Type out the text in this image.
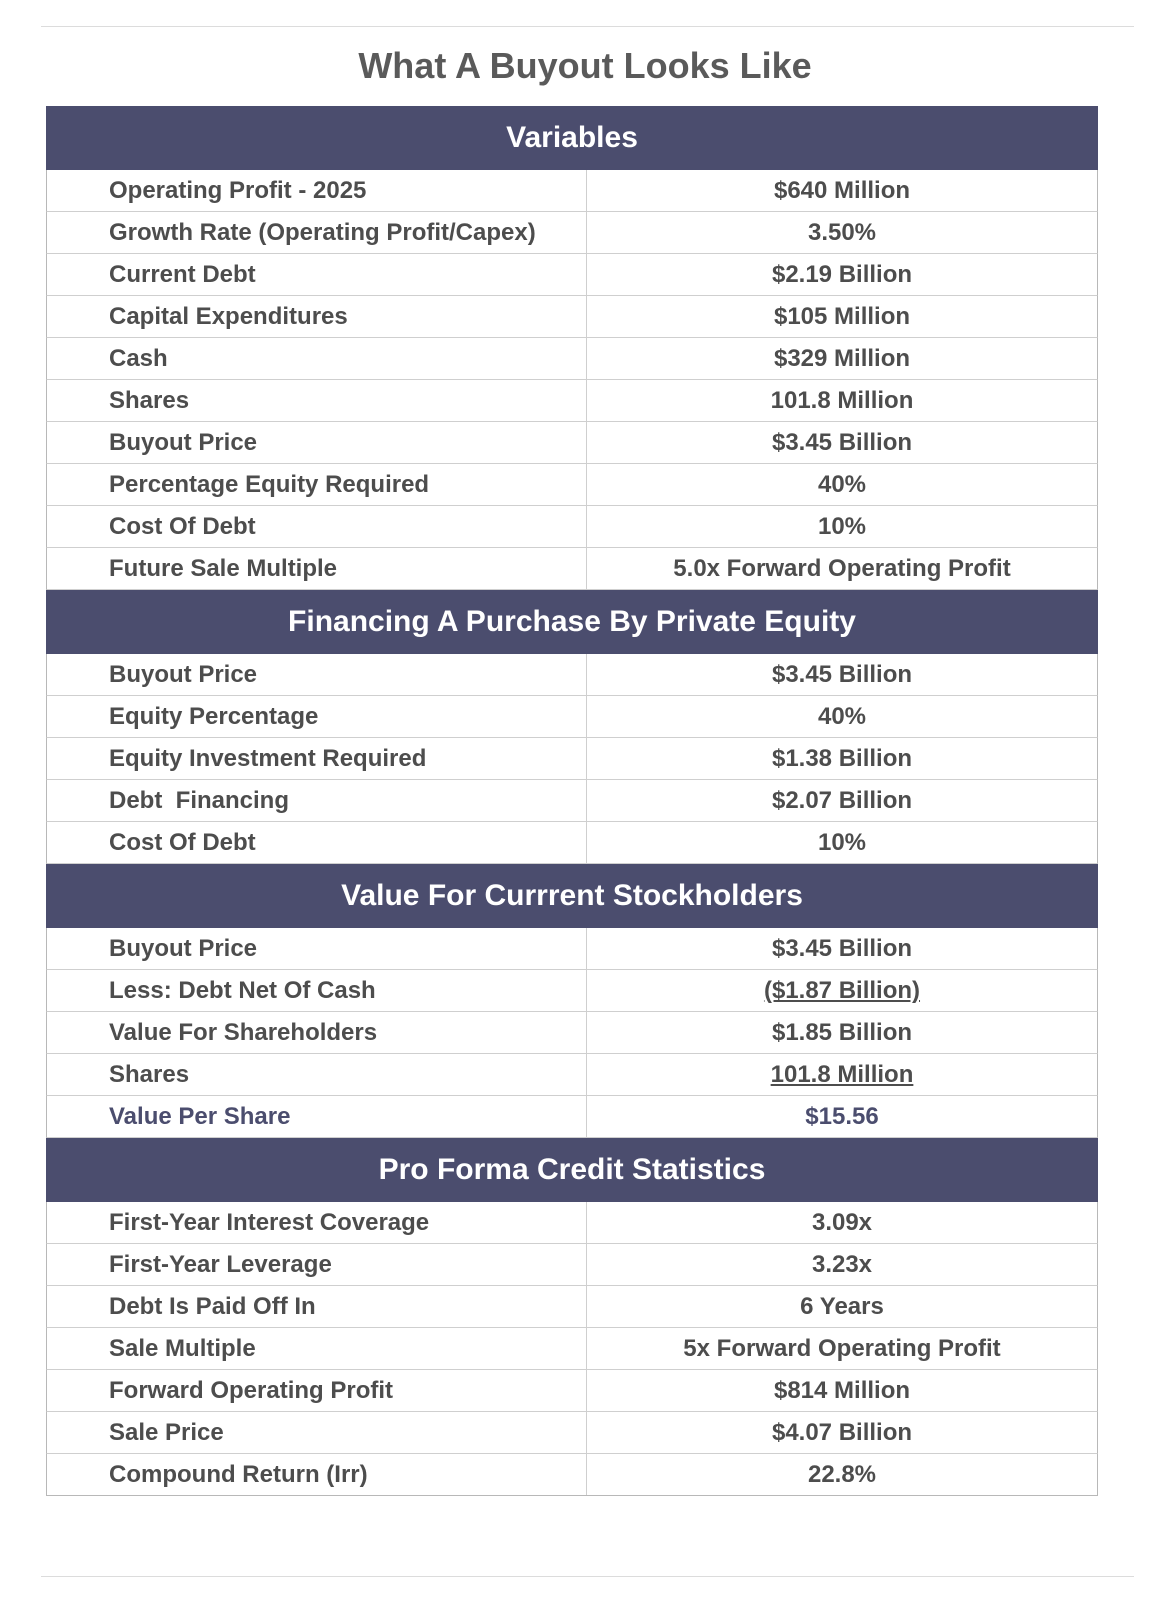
What A Buyout Looks Like
Variables
Operating Profit - 2025	$640 Million
Growth Rate (Operating Profit/Capex)	3.50%
Current Debt	$2.19 Billion
Capital Expenditures	$105 Million
Cash	$329 Million
Shares	101.8 Million
Buyout Price	$3.45 Billion
Percentage Equity Required	40%
Cost Of Debt	10%
Future Sale Multiple	5.0x Forward Operating Profit
Financing A Purchase By Private Equity
Buyout Price	$3.45 Billion
Equity Percentage	40%
Equity Investment Required	$1.38 Billion
Debt  Financing	$2.07 Billion
Cost Of Debt	10%
Value For Currrent Stockholders
Buyout Price	$3.45 Billion
Less: Debt Net Of Cash	($1.87 Billion)
Value For Shareholders	$1.85 Billion
Shares	101.8 Million
Value Per Share	$15.56
Pro Forma Credit Statistics
First-Year Interest Coverage	3.09x
First-Year Leverage	3.23x
Debt Is Paid Off In	6 Years
Sale Multiple	5x Forward Operating Profit
Forward Operating Profit	$814 Million
Sale Price	$4.07 Billion
Compound Return (Irr)	22.8%
